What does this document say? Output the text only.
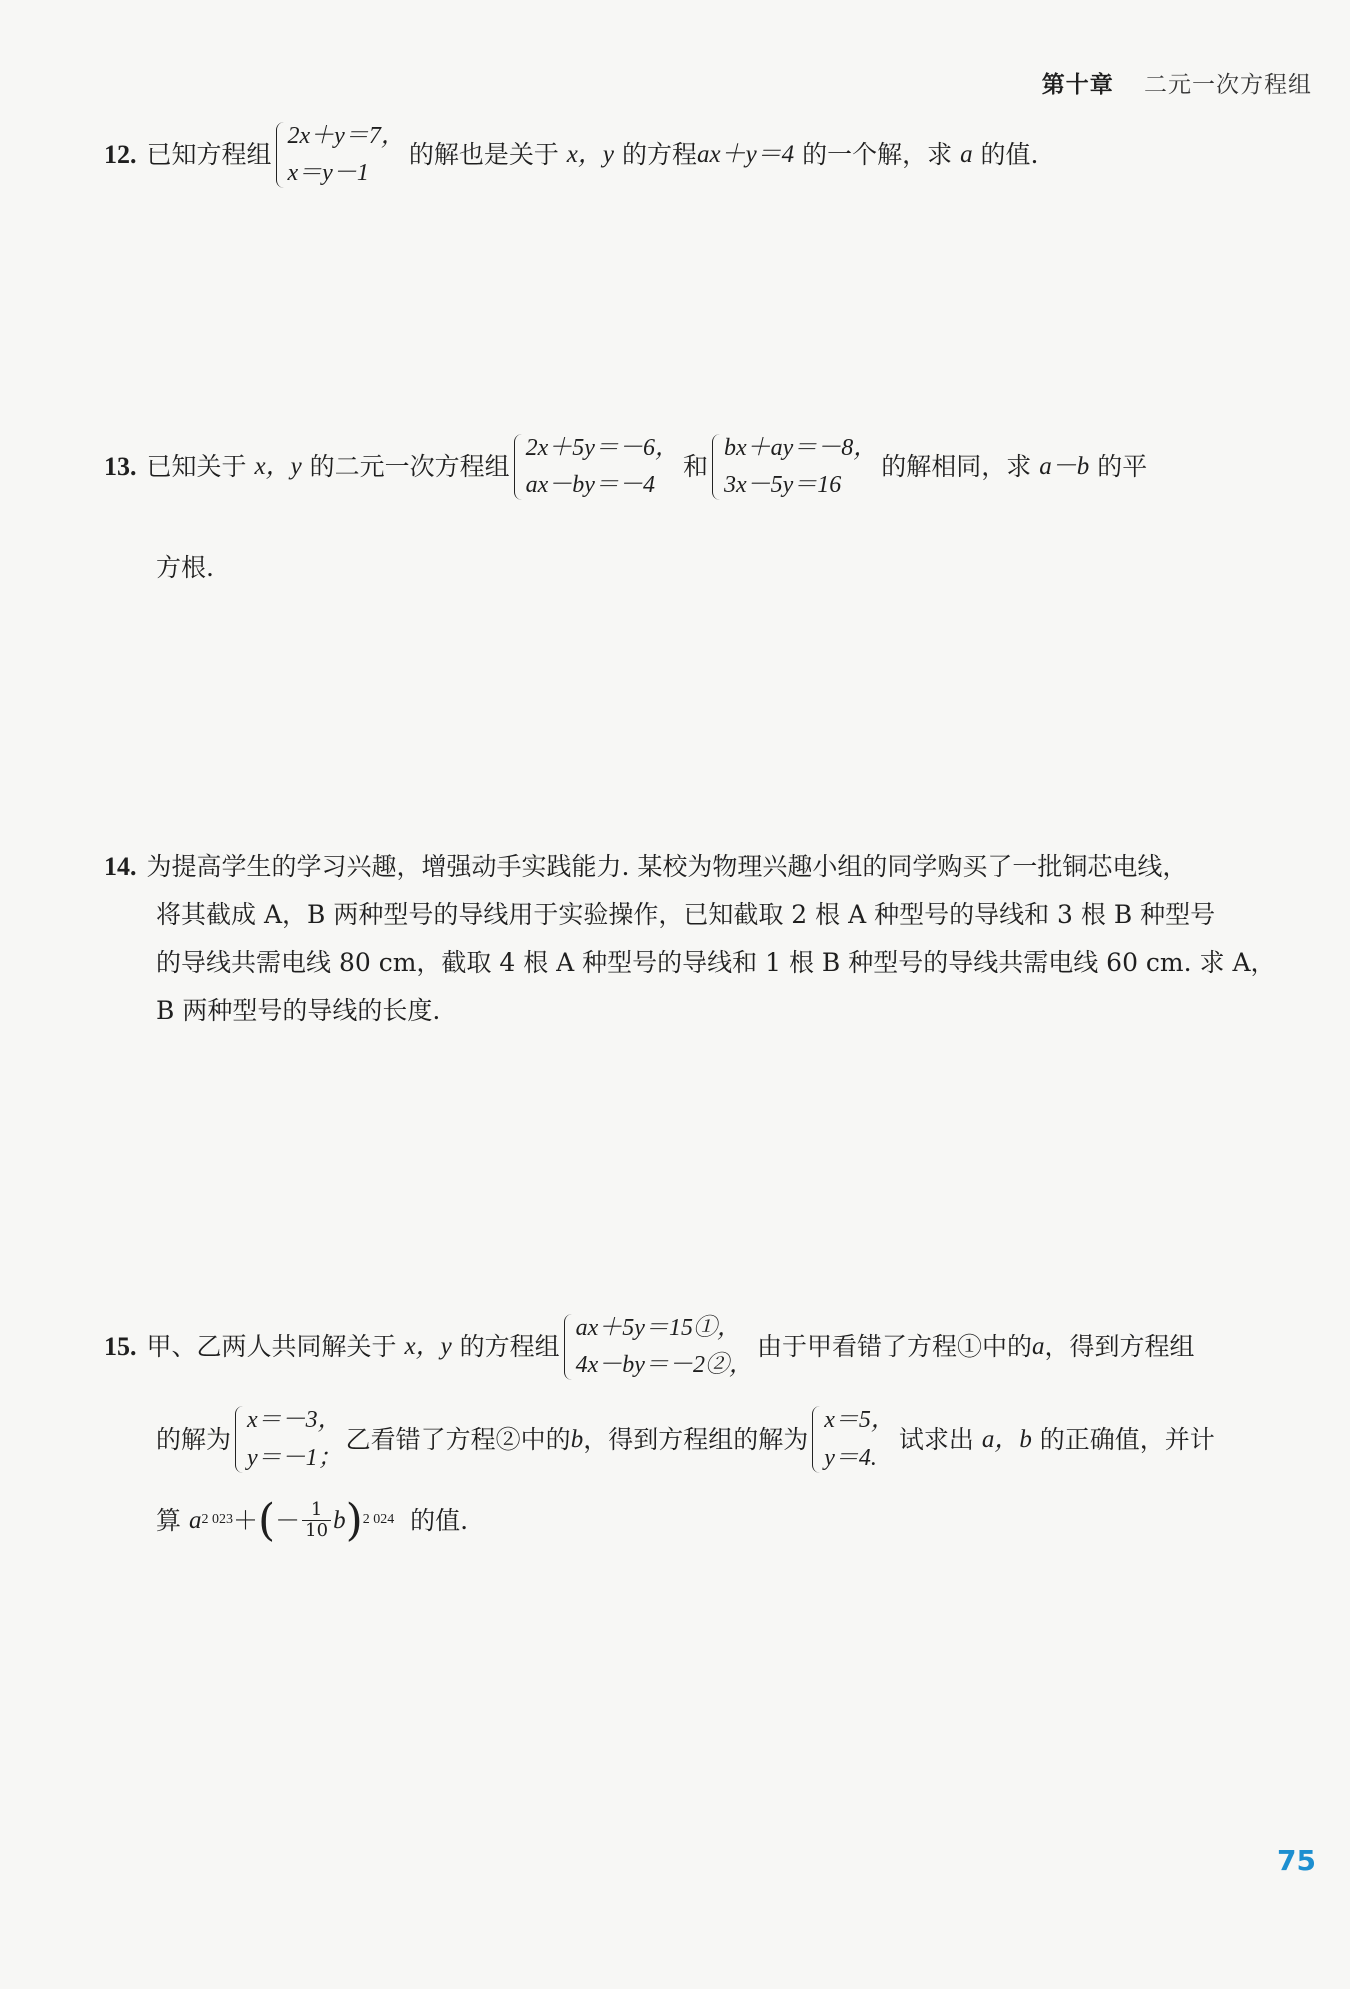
第十章 二元一次方程组
12. 已知方程组
2x＋y＝7，
x＝y－1
的解也是关于
x，y
的方程 ax＋y＝4
的一个解，求
a
的值.
13. 已知关于
x，y
的二元一次方程组
2x＋5y＝－6，
ax－by＝－4
和
bx＋ay＝－8，
3x－5y＝16
的解相同，求
a－b
的平
方根.
14. 为提高学生的学习兴趣，增强动手实践能力. 某校为物理兴趣小组的同学购买了一批铜芯电线，
将其截成 A，B 两种型号的导线用于实验操作，已知截取 2 根 A 种型号的导线和 3 根 B 种型号
的导线共需电线 80 cm，截取 4 根 A 种型号的导线和 1 根 B 种型号的导线共需电线 60 cm. 求 A，
B 两种型号的导线的长度.
15. 甲、乙两人共同解关于
x，y
的方程组
ax＋5y＝15①，
4x－by＝－2②，
由于甲看错了方程①中的 a ，得到方程组
的解为
x＝－3，
y＝－1；
乙看错了方程②中的 b ，得到方程组的解为
x＝5，
y＝4.
试求出
a，b
的正确值，并计
算
a 2 023 ＋ ( － $\frac{1}{10}$ b ) 2 024
的值.
75
